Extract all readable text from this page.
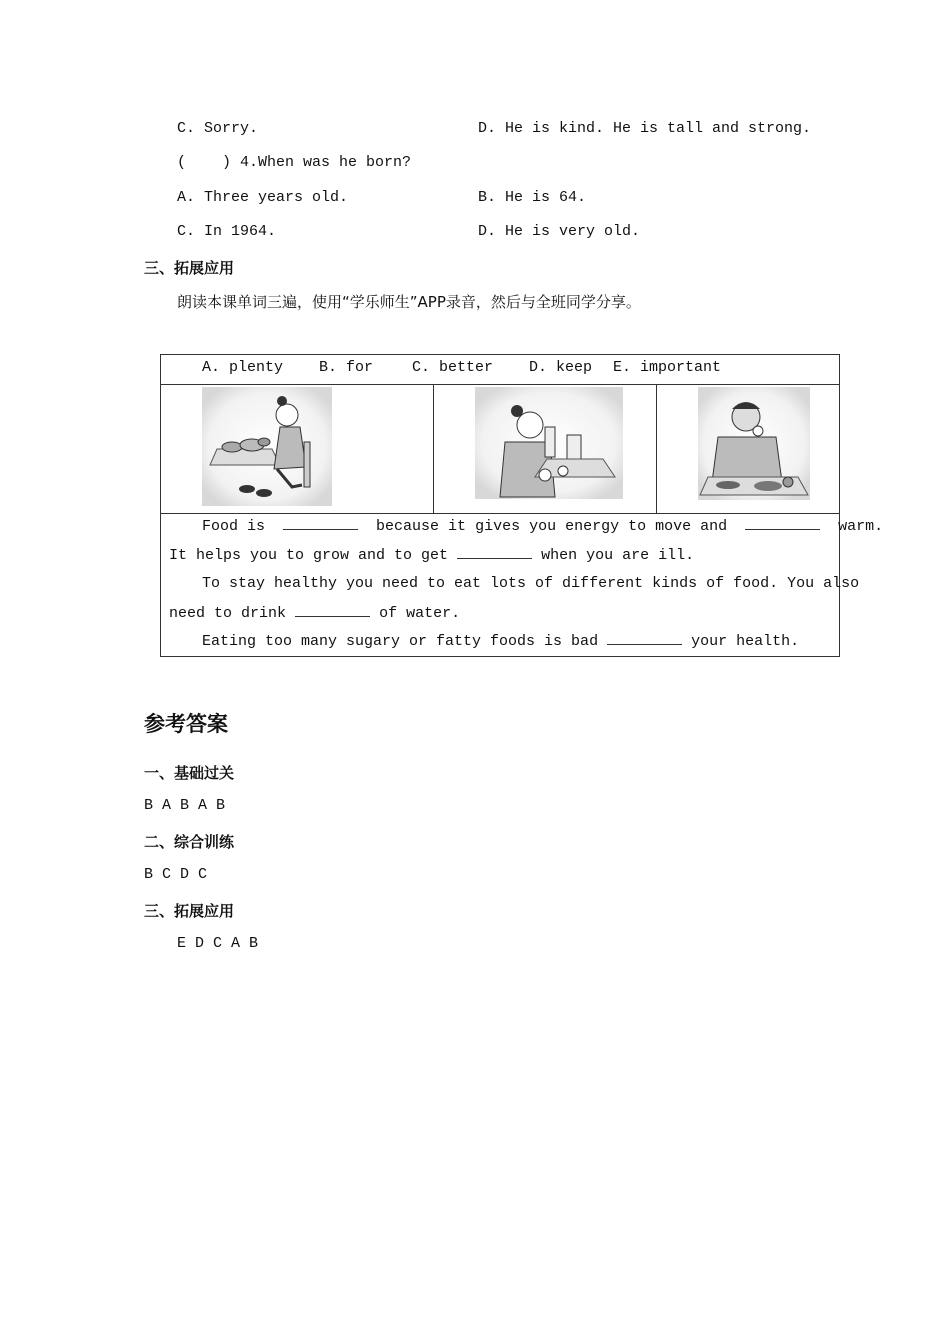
C. Sorry.	D. He is kind. He is tall and strong.
(    ) 4.When was he born?
A. Three years old.	B. He is 64.
C. In 1964.	D. He is very old.
三、拓展应用
朗读本课单词三遍，使用“学乐师生”APP录音，然后与全班同学分享。
A. plenty B. for	C. better D. keep E. important
Food is	because it gives you energy to move and	warm.
It helps you to grow and to get	when you are ill.
To stay healthy you need to eat lots of different kinds of food. You also
need to drink	of water.
Eating too many sugary or fatty foods is bad	your health.
参考答案
一、基础过关
B A B A B
二、综合训练
B C D C
三、拓展应用
E D C A B
